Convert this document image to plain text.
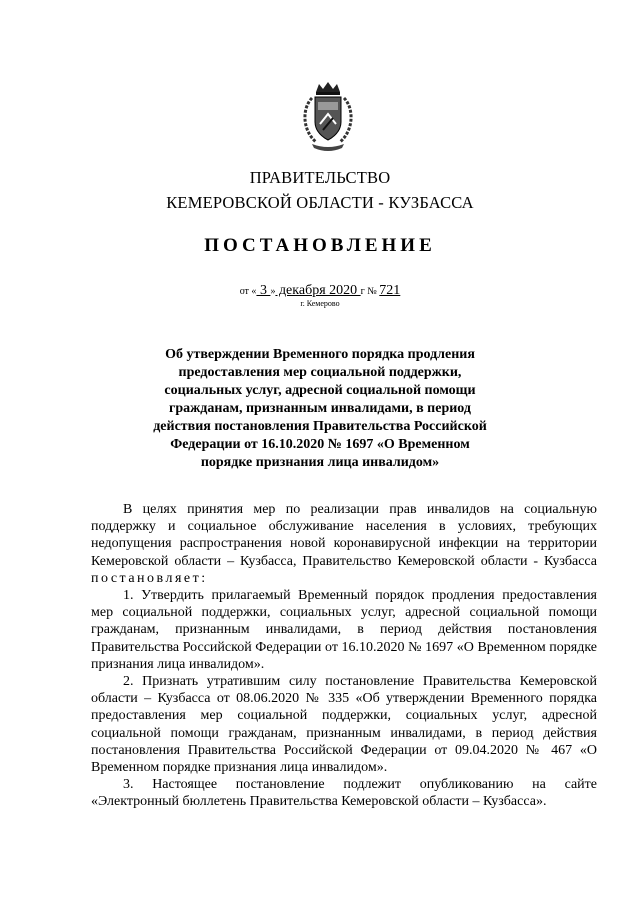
ПРАВИТЕЛЬСТВО
КЕМЕРОВСКОЙ ОБЛАСТИ - КУЗБАССА
ПОСТАНОВЛЕНИЕ
от « 3 » декабря 2020 г № 721
г. Кемерово
Об утверждении Временного порядка продления предоставления мер социальной поддержки, социальных услуг, адресной социальной помощи гражданам, признанным инвалидами, в период действия постановления Правительства Российской Федерации от 16.10.2020 № 1697 «О Временном порядке признания лица инвалидом»

В целях принятия мер по реализации прав инвалидов на социальную поддержку и социальное обслуживание населения в условиях, требующих недопущения распространения новой коронавирусной инфекции на территории Кемеровской области – Кузбасса, Правительство Кемеровской области - Кузбасса постановляет:

1. Утвердить прилагаемый Временный порядок продления предоставления мер социальной поддержки, социальных услуг, адресной социальной помощи гражданам, признанным инвалидами, в период действия постановления Правительства Российской Федерации от 16.10.2020 № 1697 «О Временном порядке признания лица инвалидом».

2. Признать утратившим силу постановление Правительства Кемеровской области – Кузбасса от 08.06.2020 № 335 «Об утверждении Временного порядка предоставления мер социальной поддержки, социальных услуг, адресной социальной помощи гражданам, признанным инвалидами, в период действия постановления Правительства Российской Федерации от 09.04.2020 № 467 «О Временном порядке признания лица инвалидом».

3. Настоящее постановление подлежит опубликованию на сайте «Электронный бюллетень Правительства Кемеровской области – Кузбасса».
